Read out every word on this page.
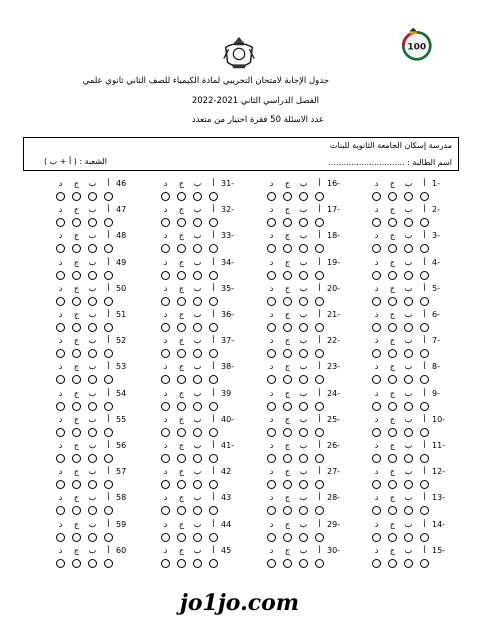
100
جدول الإجابة لامتحان التجريبي لمادة الكيمياء للصف الثاني ثانوي علمي
الفصل الدراسي الثاني 2021-2022
عدد الاسئلة 50 فقرة اختيار من متعدد
مدرسة إسكان الجامعة الثانوية للبنات
اسم الطالبة : ..............................
الشعبة : ( أ + ب )
1-
أ
ب
ج
د
2-
أ
ب
ج
د
3-
أ
ب
ج
د
4-
أ
ب
ج
د
5-
أ
ب
ج
د
6-
أ
ب
ج
د
7-
أ
ب
ج
د
8-
أ
ب
ج
د
9-
أ
ب
ج
د
10-
أ
ب
ج
د
11-
أ
ب
ج
د
12-
أ
ب
ج
د
13-
أ
ب
ج
د
14-
أ
ب
ج
د
15-
أ
ب
ج
د
16-
أ
ب
ج
د
17-
أ
ب
ج
د
18-
أ
ب
ج
د
19-
أ
ب
ج
د
20-
أ
ب
ج
د
21-
أ
ب
ج
د
22-
أ
ب
ج
د
23-
أ
ب
ج
د
24-
أ
ب
ج
د
25-
أ
ب
ج
د
26-
أ
ب
ج
د
27-
أ
ب
ج
د
28-
أ
ب
ج
د
29-
أ
ب
ج
د
30-
أ
ب
ج
د
31-
أ
ب
ج
د
32-
أ
ب
ج
د
33-
أ
ب
ج
د
34-
أ
ب
ج
د
35-
أ
ب
ج
د
36-
أ
ب
ج
د
37-
أ
ب
ج
د
38-
أ
ب
ج
د
39
أ
ب
ج
د
40-
أ
ب
ج
د
41-
أ
ب
ج
د
42
أ
ب
ج
د
43
أ
ب
ج
د
44
أ
ب
ج
د
45
أ
ب
ج
د
46
أ
ب
ج
د
47
أ
ب
ج
د
48
أ
ب
ج
د
49
أ
ب
ج
د
50
أ
ب
ج
د
51
أ
ب
ج
د
52
أ
ب
ج
د
53
أ
ب
ج
د
54
أ
ب
ج
د
55
أ
ب
ج
د
56
أ
ب
ج
د
57
أ
ب
ج
د
58
أ
ب
ج
د
59
أ
ب
ج
د
60
أ
ب
ج
د
jo1jo.com
